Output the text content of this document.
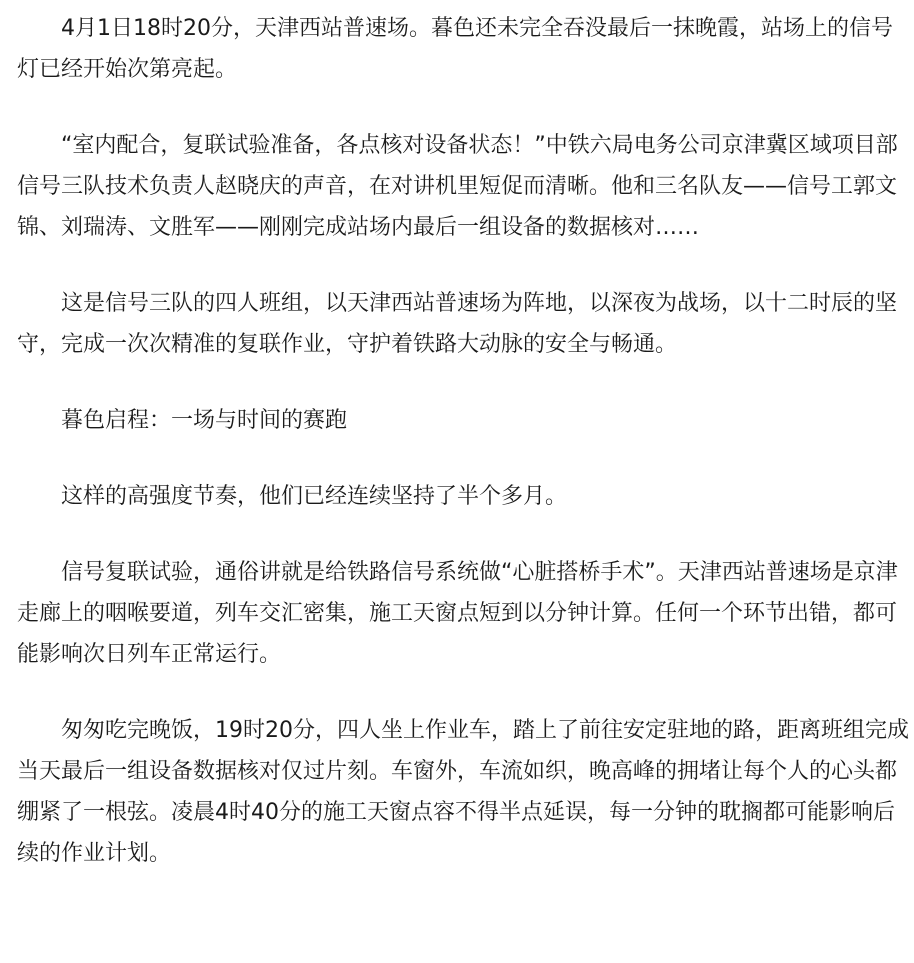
4月1日18时20分，天津西站普速场。暮色还未完全吞没最后一抹晚霞，站场上的信号灯已经开始次第亮起。

“室内配合，复联试验准备，各点核对设备状态！”中铁六局电务公司京津冀区域项目部信号三队技术负责人赵晓庆的声音，在对讲机里短促而清晰。他和三名队友——信号工郭文锦、刘瑞涛、文胜军——刚刚完成站场内最后一组设备的数据核对……

这是信号三队的四人班组，以天津西站普速场为阵地，以深夜为战场，以十二时辰的坚守，完成一次次精准的复联作业，守护着铁路大动脉的安全与畅通。

暮色启程：一场与时间的赛跑

这样的高强度节奏，他们已经连续坚持了半个多月。

信号复联试验，通俗讲就是给铁路信号系统做“心脏搭桥手术”。天津西站普速场是京津走廊上的咽喉要道，列车交汇密集，施工天窗点短到以分钟计算。任何一个环节出错，都可能影响次日列车正常运行。

匆匆吃完晚饭，19时20分，四人坐上作业车，踏上了前往安定驻地的路，距离班组完成当天最后一组设备数据核对仅过片刻。车窗外，车流如织，晚高峰的拥堵让每个人的心头都绷紧了一根弦。凌晨4时40分的施工天窗点容不得半点延误，每一分钟的耽搁都可能影响后续的作业计划。
